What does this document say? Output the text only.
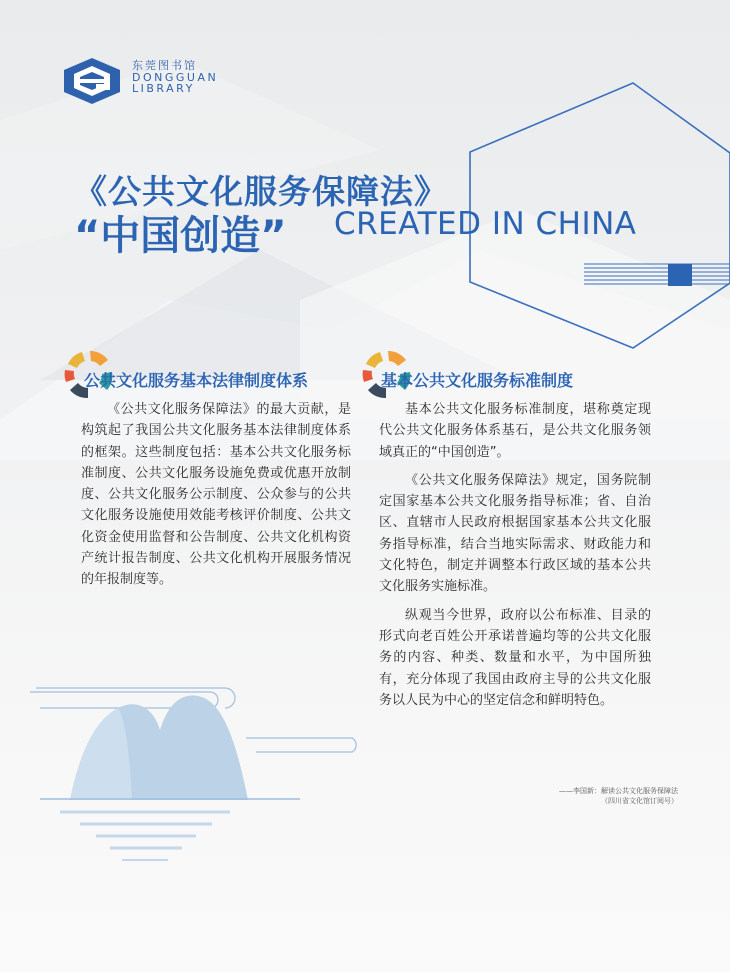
东莞图书馆
DONGGUAN
LIBRARY
《公共文化服务保障法》
“中国创造” CREATED IN CHINA
公共文化服务基本法律制度体系

《公共文化服务保障法》的最大贡献，是构筑起了我国公共文化服务基本法律制度体系的框架。这些制度包括：基本公共文化服务标准制度、公共文化服务设施免费或优惠开放制度、公共文化服务公示制度、公众参与的公共文化服务设施使用效能考核评价制度、公共文化资金使用监督和公告制度、公共文化机构资产统计报告制度、公共文化机构开展服务情况的年报制度等。

基本公共文化服务标准制度

基本公共文化服务标准制度，堪称奠定现代公共文化服务体系基石，是公共文化服务领域真正的“中国创造”。

《公共文化服务保障法》规定，国务院制定国家基本公共文化服务指导标准；省、自治区、直辖市人民政府根据国家基本公共文化服务指导标准，结合当地实际需求、财政能力和文化特色，制定并调整本行政区域的基本公共文化服务实施标准。

纵观当今世界，政府以公布标准、目录的形式向老百姓公开承诺普遍均等的公共文化服务的内容、种类、数量和水平，为中国所独有，充分体现了我国由政府主导的公共文化服务以人民为中心的坚定信念和鲜明特色。

——李国新：解读公共文化服务保障法
（四川省文化馆订阅号）
